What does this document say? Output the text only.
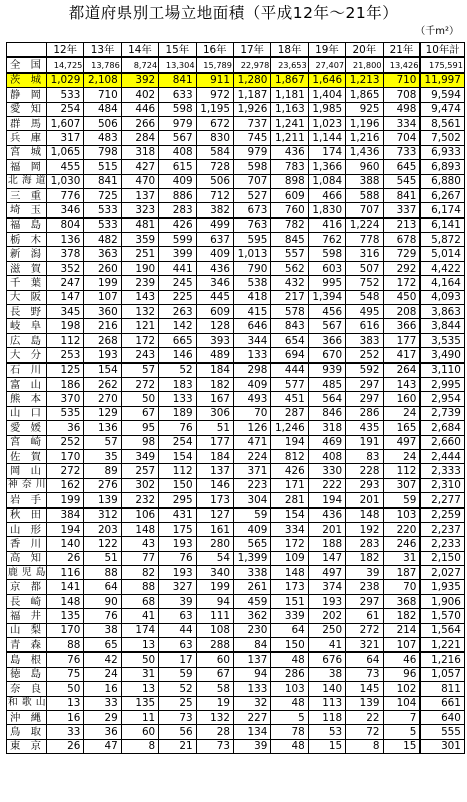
都道府県別工場立地面積（平成12年～21年）
（千m²）
	12年	13年	14年	15年	16年	17年	18年	19年	20年	21年	10年計
全国	14,725	13,786	8,724	13,304	15,789	22,978	23,653	27,407	21,800	13,426	175,591
茨城	1,029	2,108	392	841	911	1,280	1,867	1,646	1,213	710	11,997
静岡	533	710	402	633	972	1,187	1,181	1,404	1,865	708	9,594
愛知	254	484	446	598	1,195	1,926	1,163	1,985	925	498	9,474
群馬	1,607	506	266	979	672	737	1,241	1,023	1,196	334	8,561
兵庫	317	483	284	567	830	745	1,211	1,144	1,216	704	7,502
宮城	1,065	798	318	408	584	979	436	174	1,436	733	6,933
福岡	455	515	427	615	728	598	783	1,366	960	645	6,893
北海道	1,030	841	470	409	506	707	898	1,084	388	545	6,880
三重	776	725	137	886	712	527	609	466	588	841	6,267
埼玉	346	533	323	283	382	673	760	1,830	707	337	6,174
福島	804	533	481	426	499	763	782	416	1,224	213	6,141
栃木	136	482	359	599	637	595	845	762	778	678	5,872
新潟	378	363	251	399	409	1,013	557	598	316	729	5,014
滋賀	352	260	190	441	436	790	562	603	507	292	4,422
千葉	247	199	239	245	346	538	432	995	752	172	4,164
大阪	147	107	143	225	445	418	217	1,394	548	450	4,093
長野	345	360	132	263	609	415	578	456	495	208	3,863
岐阜	198	216	121	142	128	646	843	567	616	366	3,844
広島	112	268	172	665	393	344	654	366	383	177	3,535
大分	253	193	243	146	489	133	694	670	252	417	3,490
石川	125	154	57	52	184	298	444	939	592	264	3,110
富山	186	262	272	183	182	409	577	485	297	143	2,995
熊本	370	270	50	133	167	493	451	564	297	160	2,954
山口	535	129	67	189	306	70	287	846	286	24	2,739
愛媛	36	136	95	76	51	126	1,246	318	435	165	2,684
宮崎	252	57	98	254	177	471	194	469	191	497	2,660
佐賀	170	35	349	154	184	224	812	408	83	24	2,444
岡山	272	89	257	112	137	371	426	330	228	112	2,333
神奈川	162	276	302	150	146	223	171	222	293	307	2,310
岩手	199	139	232	295	173	304	281	194	201	59	2,277
秋田	384	312	106	431	127	59	154	436	148	103	2,259
山形	194	203	148	175	161	409	334	201	192	220	2,237
香川	140	122	43	193	280	565	172	188	283	246	2,233
高知	26	51	77	76	54	1,399	109	147	182	31	2,150
鹿児島	116	88	82	193	340	338	148	497	39	187	2,027
京都	141	64	88	327	199	261	173	374	238	70	1,935
長崎	148	90	68	39	94	459	151	193	297	368	1,906
福井	135	76	41	63	111	362	339	202	61	182	1,570
山梨	170	38	174	44	108	230	64	250	272	214	1,564
青森	88	65	13	63	288	84	150	41	321	107	1,221
島根	76	42	50	17	60	137	48	676	64	46	1,216
徳島	75	24	31	59	67	94	286	38	73	96	1,057
奈良	50	16	13	52	58	133	103	140	145	102	811
和歌山	13	33	135	25	19	32	48	113	139	104	661
沖縄	16	29	11	73	132	227	5	118	22	7	640
鳥取	33	36	60	56	28	134	78	53	72	5	555
東京	26	47	8	21	73	39	48	15	8	15	301
